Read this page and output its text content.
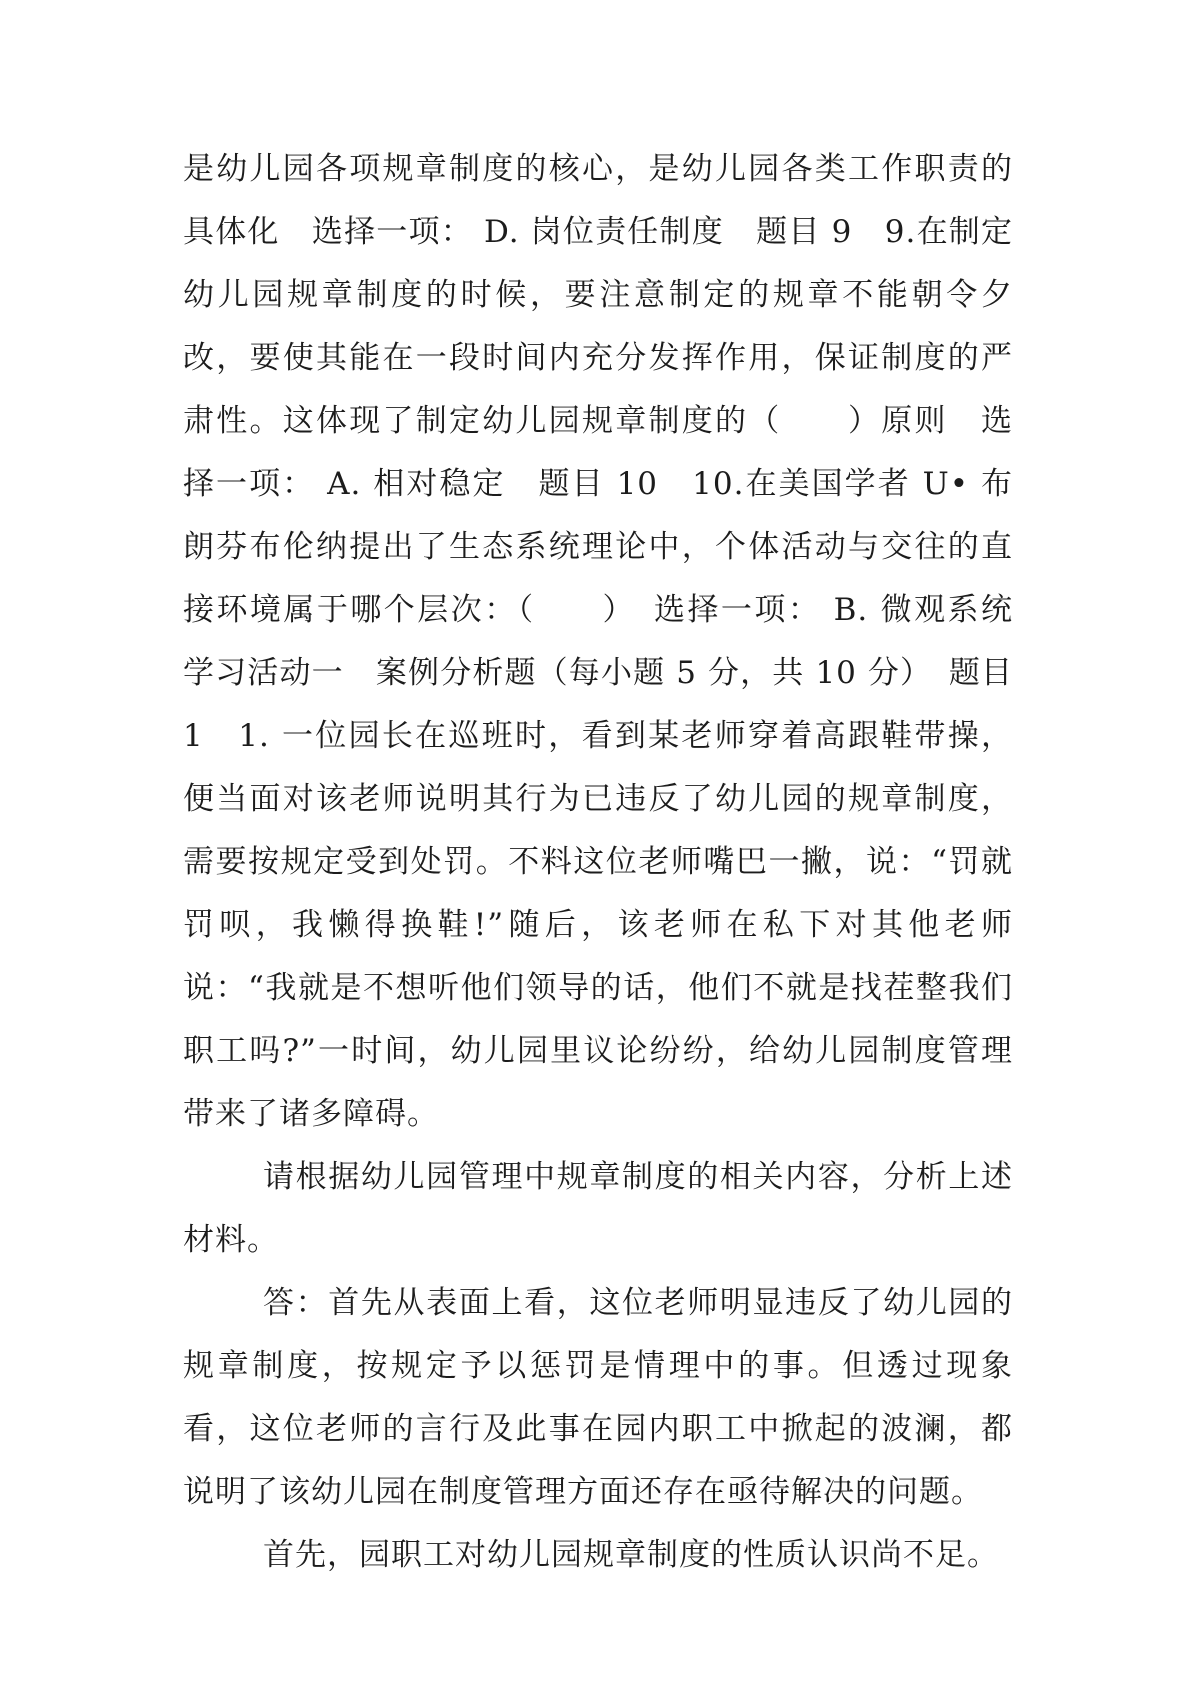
是幼儿园各项规章制度的核心，是幼儿园各类工作职责的具体化　选择一项： D. 岗位责任制度　题目 9　9.在制定幼儿园规章制度的时候，要注意制定的规章不能朝令夕改，要使其能在一段时间内充分发挥作用，保证制度的严肃性。这体现了制定幼儿园规章制度的（　　）原则　选择一项： A. 相对稳定　题目 10　10.在美国学者 U• 布朗芬布伦纳提出了生态系统理论中，个体活动与交往的直接环境属于哪个层次：（　　）　选择一项： B. 微观系统　学习活动一　案例分析题（每小题 5 分，共 10 分）　题目 1　1. 一位园长在巡班时，看到某老师穿着高跟鞋带操，便当面对该老师说明其行为已违反了幼儿园的规章制度，需要按规定受到处罚。不料这位老师嘴巴一撇，说：“罚就罚呗，我懒得换鞋!”随后，该老师在私下对其他老师说：“我就是不想听他们领导的话，他们不就是找茬整我们职工吗?”一时间，幼儿园里议论纷纷，给幼儿园制度管理带来了诸多障碍。

请根据幼儿园管理中规章制度的相关内容，分析上述材料。

答：首先从表面上看，这位老师明显违反了幼儿园的规章制度，按规定予以惩罚是情理中的事。但透过现象看，这位老师的言行及此事在园内职工中掀起的波澜，都说明了该幼儿园在制度管理方面还存在亟待解决的问题。

首先，园职工对幼儿园规章制度的性质认识尚不足。
